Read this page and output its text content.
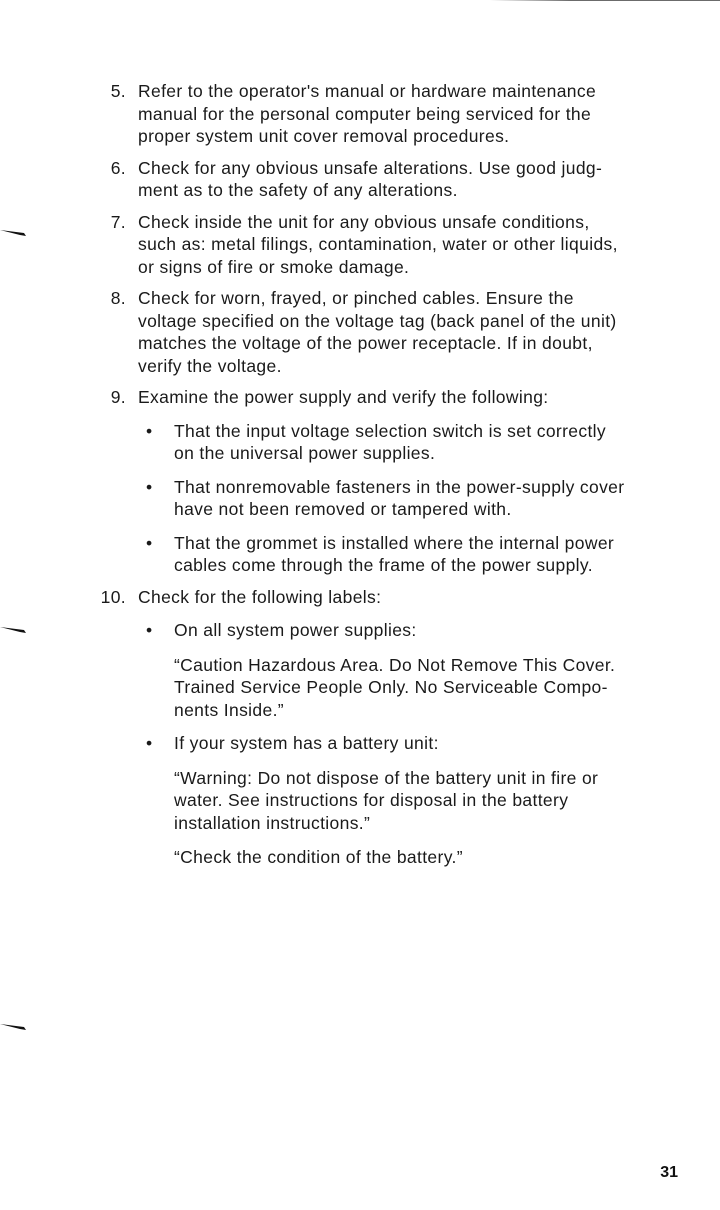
5. Refer to the operator's manual or hardware maintenance
manual for the personal computer being serviced for the
proper system unit cover removal procedures.
6. Check for any obvious unsafe alterations. Use good judg-
ment as to the safety of any alterations.
7. Check inside the unit for any obvious unsafe conditions,
such as: metal filings, contamination, water or other liquids,
or signs of fire or smoke damage.
8. Check for worn, frayed, or pinched cables. Ensure the
voltage specified on the voltage tag (back panel of the unit)
matches the voltage of the power receptacle. If in doubt,
verify the voltage.
9. Examine the power supply and verify the following:
• That the input voltage selection switch is set correctly
on the universal power supplies.
• That nonremovable fasteners in the power-supply cover
have not been removed or tampered with.
• That the grommet is installed where the internal power
cables come through the frame of the power supply.
10. Check for the following labels:
• On all system power supplies:
“Caution Hazardous Area. Do Not Remove This Cover.
Trained Service People Only. No Serviceable Compo-
nents Inside.”
• If your system has a battery unit:
“Warning: Do not dispose of the battery unit in fire or
water. See instructions for disposal in the battery
installation instructions.”
“Check the condition of the battery.”
31
